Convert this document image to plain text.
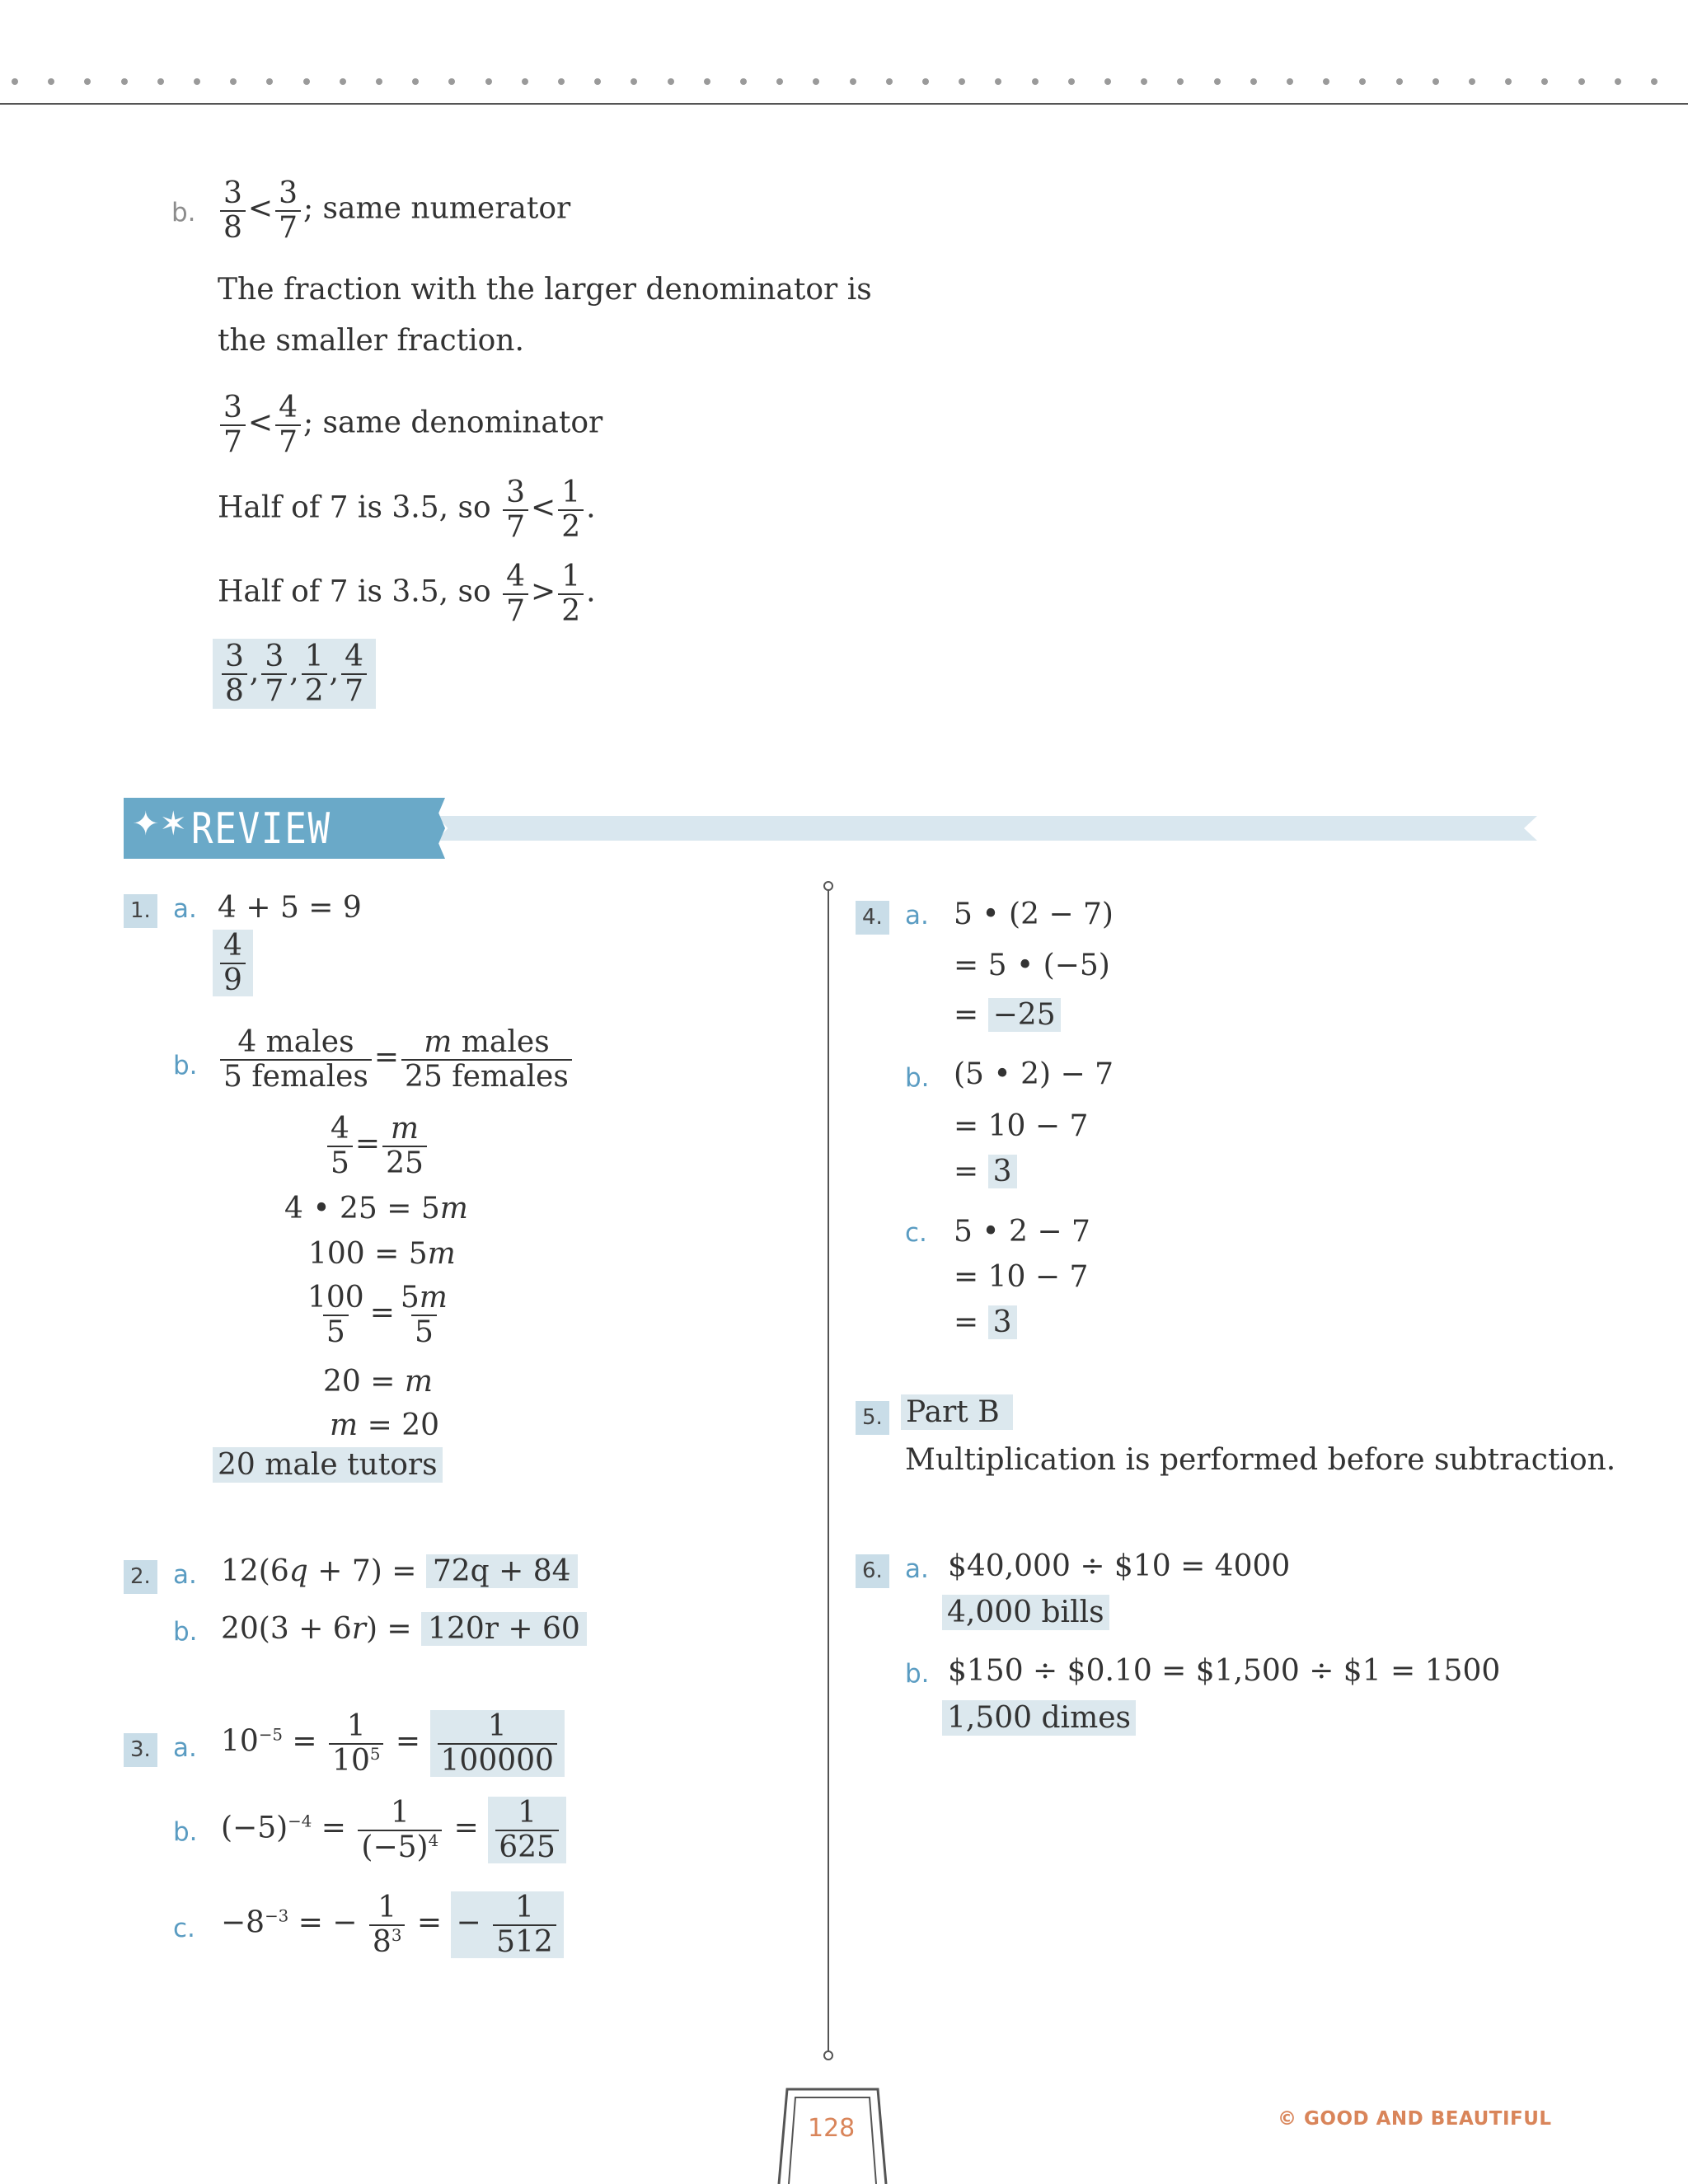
b. $\frac{3}{8} < \frac{3}{7}$ ; same numerator
The fraction with the larger denominator is
the smaller fraction.
$\frac{3}{7} < \frac{4}{7}$ ; same denominator
Half of 7 is 3.5, so $\frac{3}{7} < \frac{1}{2}$ .
Half of 7 is 3.5, so $\frac{4}{7} > \frac{1}{2}$ .
$\frac{3}{8}$ , $\frac{3}{7}$ , $\frac{1}{2}$ , $\frac{4}{7}$
✦✶ REVIEW
1. a. 4 + 5 = 9
$\frac{4}{9}$
b. $\frac{\text{4 males}}{\text{5 females}} = \frac{\text{m males}}{\text{25 females}}$
$\frac{4}{5} = \frac{m}{25}$
4 • 25 = 5m
100 = 5m
$\frac{100}{5} = \frac{5m}{5}$
20 = m
m = 20
20 male tutors
2. a. 12(6q + 7) = 72q + 84
b. 20(3 + 6r) = 120r + 60
3. a. $10^{-5} = \frac{1}{10^5} = \frac{1}{100000}$
b. $(-5)^{-4} = \frac{1}{(-5)^4} = \frac{1}{625}$
c. $-8^{-3}$ = − $\frac{1}{8^3}$ = − $\frac{1}{512}$
4. a. 5 • (2 − 7)
= 5 • (−5)
= −25
b. (5 • 2) − 7
= 10 − 7
= 3
c. 5 • 2 − 7
= 10 − 7
= 3
5. Part B
Multiplication is performed before subtraction.
6. a. $40,000 ÷ $10 = 4000
4,000 bills
b. $150 ÷ $0.10 = $1,500 ÷ $1 = 1500
1,500 dimes
128	© GOOD AND BEAUTIFUL
